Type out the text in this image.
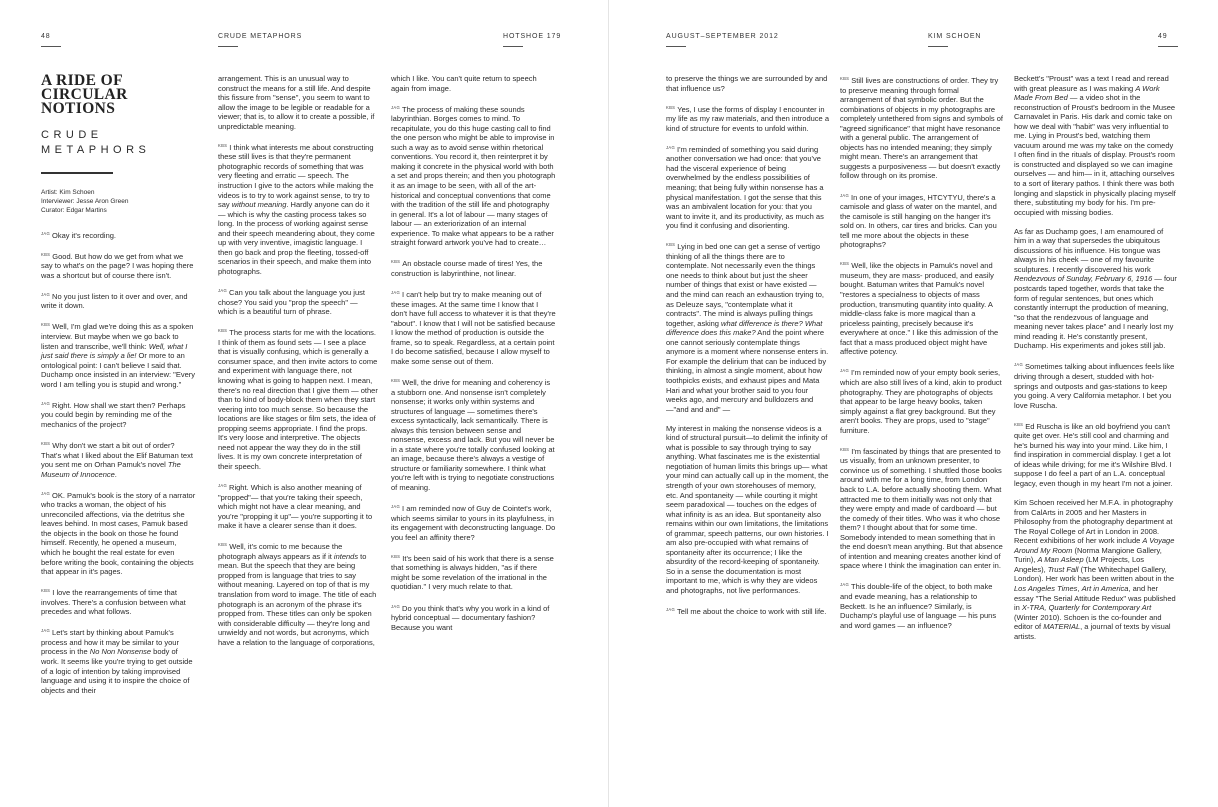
48	CRUDE METAPHORS	HOTSHOE 179
A RIDE OF
CIRCULAR
NOTIONS
CRUDE
METAPHORS
Artist: Kim Schoen
Interviewer: Jesse Aron Green
Curator: Edgar Martins

$^{JAG}$ Okay it's recording.

$^{KBS}$ Good. But how do we get from what we say to what's on the page? I was hoping there was a shortcut but of course there isn't.

$^{JAG}$ No you just listen to it over and over, and write it down.

$^{KBS}$ Well, I'm glad we're doing this as a spoken interview. But maybe when we go back to listen and transcribe, we'll think: Well, what I just said there is simply a lie! Or more to an ontological point: I can't believe I said that. Duchamp once insisted in an interview: "Every word I am telling you is stupid and wrong."

$^{JAG}$ Right. How shall we start then? Perhaps you could begin by reminding me of the mechanics of the project?

$^{KBS}$ Why don't we start a bit out of order? That's what I liked about the Elif Batuman text you sent me on Orhan Pamuk's novel The Museum of Innocence.

$^{JAG}$ OK. Pamuk's book is the story of a narrator who tracks a woman, the object of his unreconciled affections, via the detritus she leaves behind. In most cases, Pamuk based the objects in the book on those he found himself. Recently, he opened a museum, which he bought the real estate for even before writing the book, containing the objects that appear in it's pages.

$^{KBS}$ I love the rearrangements of time that involves. There's a confusion between what precedes and what follows.

$^{JAG}$ Let's start by thinking about Pamuk's process and how it may be similar to your process in the No Non Nonsense body of work. It seems like you're trying to get outside of a logic of intention by taking improvised language and using it to inspire the choice of objects and their

arrangement. This is an unusual way to construct the means for a still life. And despite this fissure from "sense", you seem to want to allow the image to be legible or readable for a viewer; that is, to allow it to create a possible, if unpredictable meaning.

$^{KBS}$ I think what interests me about constructing these still lives is that they're permanent photographic records of something that was very fleeting and erratic — speech. The instruction I give to the actors while making the videos is to try to work against sense, to try to say without meaning. Hardly anyone can do it — which is why the casting process takes so long. In the process of working against sense and their speech meandering about, they come up with very inventive, imagistic language. I then go back and prop the fleeting, tossed-off scenarios in their speech, and make them into photographs.

$^{JAG}$ Can you talk about the language you just chose? You said you "prop the speech" — which is a beautiful turn of phrase.

$^{KBS}$ The process starts for me with the locations. I think of them as found sets — I see a place that is visually confusing, which is generally a consumer space, and then invite actors to come and experiment with language there, not knowing what is going to happen next. I mean, there's no real direction that I give them — other than to kind of body-block them when they start veering into too much sense. So because the locations are like stages or film sets, the idea of propping seems appropriate. I find the props. It's very loose and interpretive. The objects need not appear the way they do in the still lives. It is my own concrete interpretation of their speech.

$^{JAG}$ Right. Which is also another meaning of "propped"— that you're taking their speech, which might not have a clear meaning, and you're "propping it up"— you're supporting it to make it have a clearer sense than it does.

$^{KBS}$ Well, it's comic to me because the photograph always appears as if it intends to mean. But the speech that they are being propped from is language that tries to say without meaning. Layered on top of that is my translation from word to image. The title of each photograph is an acronym of the phrase it's propped from. These titles can only be spoken with considerable difficulty — they're long and unwieldy and not words, but acronyms, which have a relation to the language of corporations,

which I like. You can't quite return to speech again from image.

$^{JAG}$ The process of making these sounds labyrinthian. Borges comes to mind. To recapitulate, you do this huge casting call to find the one person who might be able to improvise in such a way as to avoid sense within rhetorical conventions. You record it, then reinterpret it by making it concrete in the physical world with both a set and props therein; and then you photograph it as an image to be seen, with all of the art-historical and conceptual conventions that come with the tradition of the still life and photography in general. It's a lot of labour — many stages of labour — an exteriorization of an internal experience. To make what appears to be a rather straight forward artwork you've had to create…

$^{KBS}$ An obstacle course made of tires! Yes, the construction is labyrinthine, not linear.

$^{JAG}$ I can't help but try to make meaning out of these images. At the same time I know that I don't have full access to whatever it is that they're "about". I know that I will not be satisfied because I know the method of production is outside the frame, so to speak. Regardless, at a certain point I do become satisfied, because I allow myself to make some sense out of them.

$^{KBS}$ Well, the drive for meaning and coherency is a stubborn one. And nonsense isn't completely nonsense; it works only within systems and structures of language — sometimes there's excess syntactically, lack semantically. There is always this tension between sense and nonsense, excess and lack. But you will never be in a state where you're totally confused looking at an image, because there's always a vestige of structure or familiarity somewhere. I think what you're left with is trying to negotiate constructions of meaning.

$^{JAG}$ I am reminded now of Guy de Cointet's work, which seems similar to yours in its playfulness, in its engagement with deconstructing language. Do you feel an affinity there?

$^{KBS}$ It's been said of his work that there is a sense that something is always hidden, "as if there might be some revelation of the irrational in the quotidian." I very much relate to that.

$^{JAG}$ Do you think that's why you work in a kind of hybrid conceptual — documentary fashion? Because you want

AUGUST–SEPTEMBER 2012	KIM SCHOEN	49

to preserve the things we are surrounded by and that influence us?

$^{KBS}$ Yes, I use the forms of display I encounter in my life as my raw materials, and then introduce a kind of structure for events to unfold within.

$^{JAG}$ I'm reminded of something you said during another conversation we had once: that you've had the visceral experience of being overwhelmed by the endless possibilities of meaning; that being fully within nonsense has a physical manifestation. I got the sense that this was an ambivalent location for you: that you want to invite it, and its productivity, as much as you find it confusing and disorienting.

$^{KBS}$ Lying in bed one can get a sense of vertigo thinking of all the things there are to contemplate. Not necessarily even the things one needs to think about but just the sheer number of things that exist or have existed — and the mind can reach an exhaustion trying to, as Deleuze says, "contemplate what it contracts". The mind is always pulling things together, asking what difference is there? What difference does this make? And the point where one cannot seriously contemplate things anymore is a moment where nonsense enters in. For example the delirium that can be induced by thinking, in almost a single moment, about how toothpicks exists, and exhaust pipes and Mata Hari and what your brother said to you four weeks ago, and mercury and bulldozers and —"and and and" —

My interest in making the nonsense videos is a kind of structural pursuit—to delimit the infinity of what is possible to say through trying to say anything. What fascinates me is the existential negotiation of human limits this brings up— what your mind can actually call up in the moment, the strength of your own storehouses of memory, etc. And spontaneity — while courting it might seem paradoxical — touches on the edges of what infinity is as an idea. But spontaneity also remains within our own limitations, the limitations of grammar, speech patterns, our own histories. I am also pre-occupied with what remains of spontaneity after its occurrence; I like the absurdity of the record-keeping of spontaneity. So in a sense the documentation is most important to me, which is why they are videos and photographs, not live performances.

$^{JAG}$ Tell me about the choice to work with still life.

$^{KBS}$ Still lives are constructions of order. They try to preserve meaning through formal arrangement of that symbolic order. But the combinations of objects in my photographs are completely untethered from signs and symbols of "agreed significance" that might have resonance with a general public. The arrangement of objects has no intended meaning; they simply might mean. There's an arrangement that suggests a purposiveness — but doesn't exactly follow through on its promise.

$^{JAG}$ In one of your images, HTCYTYU, there's a camisole and glass of water on the mantel, and the camisole is still hanging on the hanger it's sold on. In others, car tires and bricks. Can you tell me more about the objects in these photographs?

$^{KBS}$ Well, like the objects in Pamuk's novel and museum, they are mass- produced, and easily bought. Batuman writes that Pamuk's novel "restores a specialness to objects of mass production, transmuting quantity into quality. A middle-class fake is more magical than a priceless painting, precisely because it's everywhere at once." I like this admission of the fact that a mass produced object might have affective potency.

$^{JAG}$ I'm reminded now of your empty book series, which are also still lives of a kind, akin to product photography. They are photographs of objects that appear to be large heavy books, taken simply against a flat grey background. But they aren't books. They are props, used to "stage" furniture.

$^{KBS}$ I'm fascinated by things that are presented to us visually, from an unknown presenter, to convince us of something. I shuttled those books around with me for a long time, from London back to L.A. before actually shooting them. What attracted me to them initially was not only that they were empty and made of cardboard — but the comedy of their titles. Who was it who chose them? I thought about that for some time. Somebody intended to mean something that in the end doesn't mean anything. But that absence of intention and meaning creates another kind of space where I think the imagination can enter in.

$^{JAG}$ This double-life of the object, to both make and evade meaning, has a relationship to Beckett. Is he an influence? Similarly, is Duchamp's playful use of language — his puns and word games — an influence?

Beckett's "Proust" was a text I read and reread with great pleasure as I was making A Work Made From Bed — a video shot in the reconstruction of Proust's bedroom in the Musee Carnavalet in Paris. His dark and comic take on how we deal with "habit" was very influential to me. Lying in Proust's bed, watching them vacuum around me was my take on the comedy I often find in the rituals of display. Proust's room is constructed and displayed so we can imagine ourselves — and him— in it, attaching ourselves to a sort of literary pathos. I think there was both longing and slapstick in physically placing myself there, substituting my body for his. I'm pre-occupied with missing bodies.

As far as Duchamp goes, I am enamoured of him in a way that supersedes the ubiquitous discussions of his influence. His tongue was always in his cheek — one of my favourite sculptures. I recently discovered his work Rendezvous of Sunday, February 6, 1916 — four postcards taped together, words that take the form of regular sentences, but ones which constantly interrupt the production of meaning, "so that the rendezvous of language and meaning never takes place" and I nearly lost my mind reading it. He's constantly present, Duchamp. His experiments and jokes still jab.

$^{JAG}$ Sometimes talking about influences feels like driving through a desert, studded with hot-springs and outposts and gas-stations to keep you going. A very California metaphor. I bet you love Ruscha.

$^{KBS}$ Ed Ruscha is like an old boyfriend you can't quite get over. He's still cool and charming and he's burned his way into your mind. Like him, I find inspiration in commercial display. I get a lot of ideas while driving; for me it's Wilshire Blvd. I suppose I do feel a part of an L.A. conceptual legacy, even though in my heart I'm not a joiner.

Kim Schoen received her M.F.A. in photography from CalArts in 2005 and her Masters in Philosophy from the photography department at The Royal College of Art in London in 2008. Recent exhibitions of her work include A Voyage Around My Room (Norma Mangione Gallery, Turin), A Man Asleep (LM Projects, Los Angeles), Trust Fall (The Whitechapel Gallery, London). Her work has been written about in the Los Angeles Times, Art in America, and her essay "The Serial Attitude Redux" was published in X-TRA, Quarterly for Contemporary Art (Winter 2010). Schoen is the co-founder and editor of MATERIAL, a journal of texts by visual artists.
